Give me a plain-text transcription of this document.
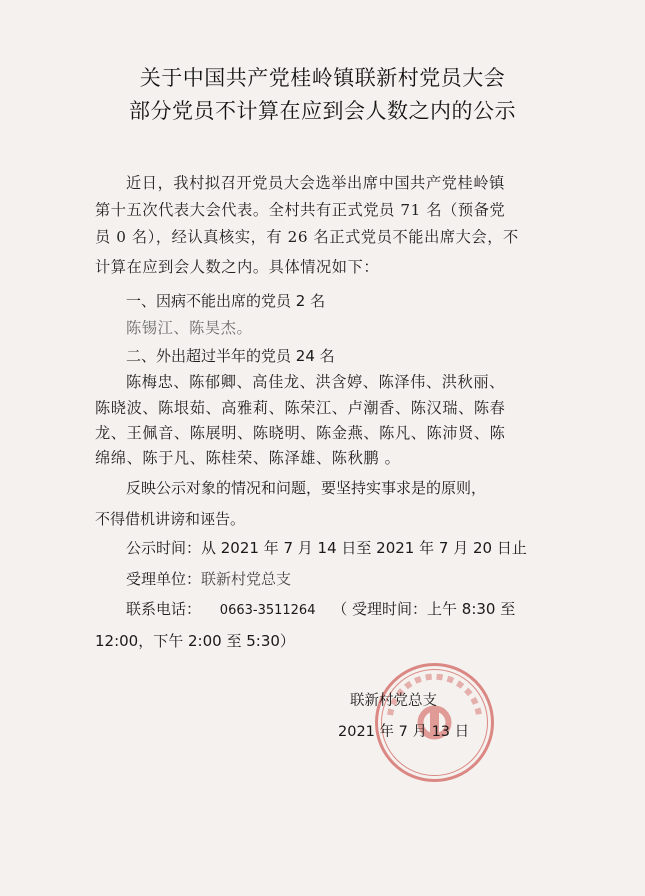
关于中国共产党桂岭镇联新村党员大会
部分党员不计算在应到会人数之内的公示
近日，我村拟召开党员大会选举出席中国共产党桂岭镇
第十五次代表大会代表。全村共有正式党员 71 名（预备党
员 0 名），经认真核实，有 26 名正式党员不能出席大会，不
计算在应到会人数之内。具体情况如下：
一、因病不能出席的党员 2 名
陈锡江、陈昊杰。
二、外出超过半年的党员 24 名
陈梅忠、陈郁卿、高佳龙、洪含婷、陈泽伟、洪秋丽、
陈晓波、陈垠茹、高雅莉、陈荣江、卢潮香、陈汉瑞、陈春
龙、王佩音、陈展明、陈晓明、陈金燕、陈凡、陈沛贤、陈
绵绵、陈于凡、陈桂荣、陈泽雄、陈秋鹏 。
反映公示对象的情况和问题，要坚持实事求是的原则，
不得借机讲谤和诬告。
公示时间：从 2021 年 7 月 14 日至 2021 年 7 月 20 日止
受理单位：联新村党总支
联系电话： 0663-3511264 （ 受理时间：上午 8:30 至
12:00，下午 2:00 至 5:30）
联新村党总支
2021 年 7 月 13 日
